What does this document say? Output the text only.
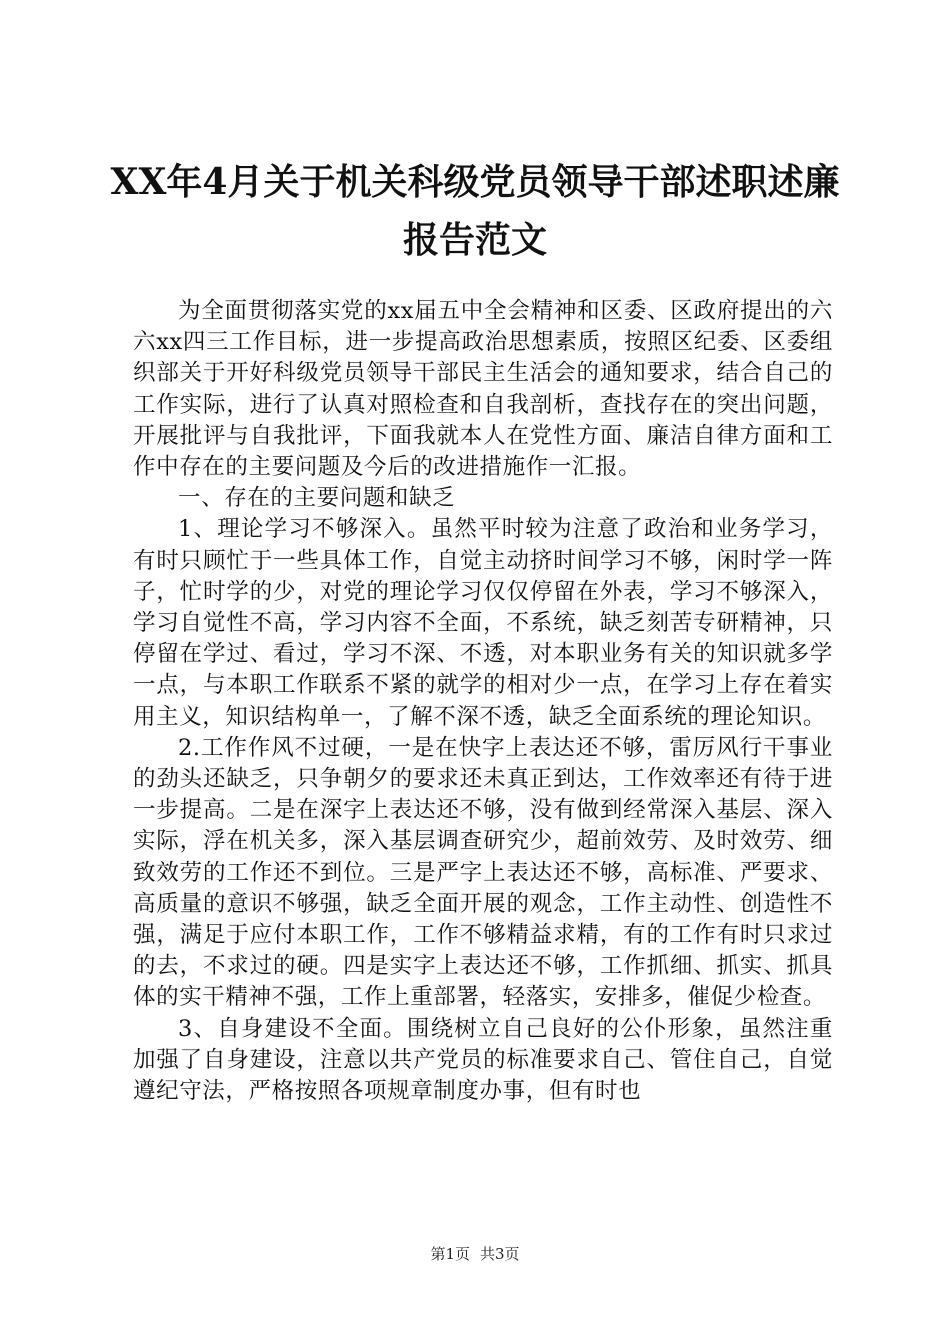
XX年4月关于机关科级党员领导干部述职述廉
报告范文

为全面贯彻落实党的xx届五中全会精神和区委、区政府提出的六六xx四三工作目标，进一步提高政治思想素质，按照区纪委、区委组织部关于开好科级党员领导干部民主生活会的通知要求，结合自己的工作实际，进行了认真对照检查和自我剖析，查找存在的突出问题，开展批评与自我批评，下面我就本人在党性方面、廉洁自律方面和工作中存在的主要问题及今后的改进措施作一汇报。

一、存在的主要问题和缺乏

1、理论学习不够深入。虽然平时较为注意了政治和业务学习，有时只顾忙于一些具体工作，自觉主动挤时间学习不够，闲时学一阵子，忙时学的少，对党的理论学习仅仅停留在外表，学习不够深入，学习自觉性不高，学习内容不全面，不系统，缺乏刻苦专研精神，只停留在学过、看过，学习不深、不透，对本职业务有关的知识就多学一点，与本职工作联系不紧的就学的相对少一点，在学习上存在着实用主义，知识结构单一，了解不深不透，缺乏全面系统的理论知识。

2.工作作风不过硬，一是在快字上表达还不够，雷厉风行干事业的劲头还缺乏，只争朝夕的要求还未真正到达，工作效率还有待于进一步提高。二是在深字上表达还不够，没有做到经常深入基层、深入实际，浮在机关多，深入基层调查研究少，超前效劳、及时效劳、细致效劳的工作还不到位。三是严字上表达还不够，高标准、严要求、高质量的意识不够强，缺乏全面开展的观念，工作主动性、创造性不强，满足于应付本职工作，工作不够精益求精，有的工作有时只求过的去，不求过的硬。四是实字上表达还不够，工作抓细、抓实、抓具体的实干精神不强，工作上重部署，轻落实，安排多，催促少检查。

3、自身建设不全面。围绕树立自己良好的公仆形象，虽然注重加强了自身建设，注意以共产党员的标准要求自己、管住自己，自觉遵纪守法，严格按照各项规章制度办事，但有时也

第1页 共3页
